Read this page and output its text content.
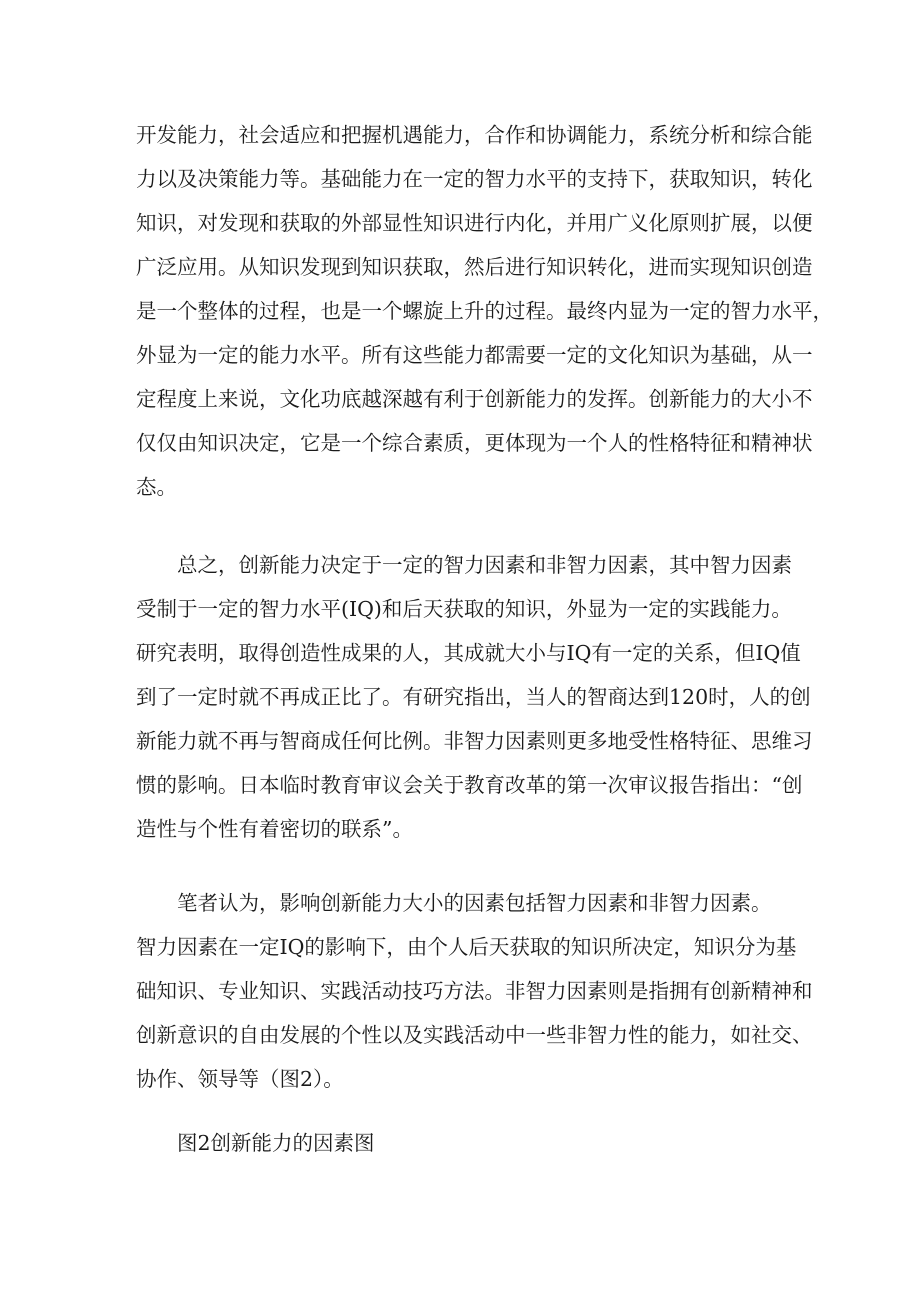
开发能力，社会适应和把握机遇能力，合作和协调能力，系统分析和综合能
力以及决策能力等。基础能力在一定的智力水平的支持下，获取知识，转化
知识，对发现和获取的外部显性知识进行内化，并用广义化原则扩展，以便
广泛应用。从知识发现到知识获取，然后进行知识转化，进而实现知识创造
是一个整体的过程，也是一个螺旋上升的过程。最终内显为一定的智力水平，
外显为一定的能力水平。所有这些能力都需要一定的文化知识为基础，从一
定程度上来说，文化功底越深越有利于创新能力的发挥。创新能力的大小不
仅仅由知识决定，它是一个综合素质，更体现为一个人的性格特征和精神状
态。
总之，创新能力决定于一定的智力因素和非智力因素，其中智力因素
受制于一定的智力水平(IQ)和后天获取的知识，外显为一定的实践能力。
研究表明，取得创造性成果的人，其成就大小与IQ有一定的关系，但IQ值
到了一定时就不再成正比了。有研究指出，当人的智商达到120时，人的创
新能力就不再与智商成任何比例。非智力因素则更多地受性格特征、思维习
惯的影响。日本临时教育审议会关于教育改革的第一次审议报告指出：“创
造性与个性有着密切的联系”。
笔者认为，影响创新能力大小的因素包括智力因素和非智力因素。
智力因素在一定IQ的影响下，由个人后天获取的知识所决定，知识分为基
础知识、专业知识、实践活动技巧方法。非智力因素则是指拥有创新精神和
创新意识的自由发展的个性以及实践活动中一些非智力性的能力，如社交、
协作、领导等（图2）。
图2创新能力的因素图
